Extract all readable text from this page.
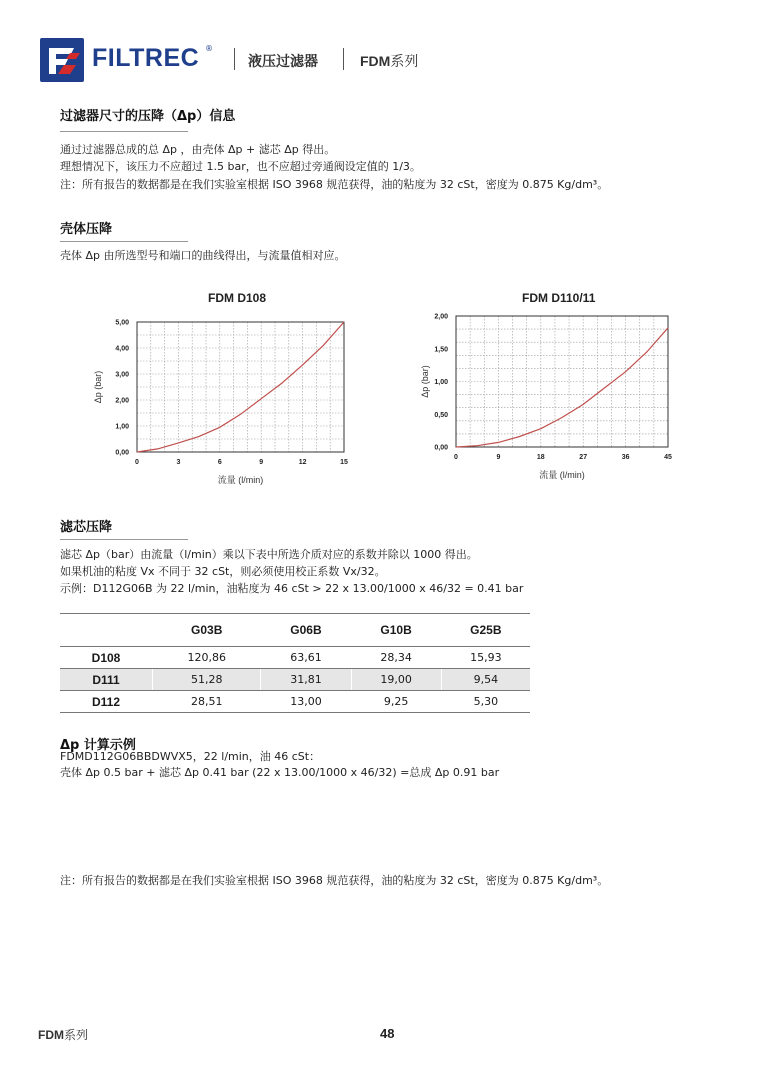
FILTREC ®
液压过滤器	FDM系列
过滤器尺寸的压降（Δp）信息
通过过滤器总成的总 Δp ，由壳体 Δp + 滤芯 Δp 得出。
理想情况下，该压力不应超过 1.5 bar，也不应超过旁通阀设定值的 1/3。
注：所有报告的数据都是在我们实验室根据 ISO 3968 规范获得，油的粘度为 32 cSt，密度为 0.875 Kg/dm³。
壳体压降
壳体 Δp 由所选型号和端口的曲线得出，与流量值相对应。
FDM D108
0	3	6	9	12	15
0,00
1,00
2,00
3,00
4,00
5,00
流量 (l/min)
Δp (bar)
FDM D110/11
0	9	18	27	36	45
0,00
0,50
1,00
1,50
2,00
流量 (l/min)
Δp (bar)
滤芯压降
滤芯 Δp（bar）由流量（l/min）乘以下表中所选介质对应的系数并除以 1000 得出。
如果机油的粘度 Vx 不同于 32 cSt，则必须使用校正系数 Vx/32。
示例：D112G06B 为 22 l/min，油粘度为 46 cSt > 22 x 13.00/1000 x 46/32 = 0.41 bar
	G03B	G06B	G10B	G25B
D108	120,86	63,61	28,34	15,93
D111	51,28	31,81	19,00	9,54
D112	28,51	13,00	9,25	5,30
Δp 计算示例
FDMD112G06BBDWVX5，22 l/min，油 46 cSt：
壳体 Δp 0.5 bar + 滤芯 Δp 0.41 bar (22 x 13.00/1000 x 46/32) =总成 Δp 0.91 bar
注：所有报告的数据都是在我们实验室根据 ISO 3968 规范获得，油的粘度为 32 cSt，密度为 0.875 Kg/dm³。
FDM系列	48
